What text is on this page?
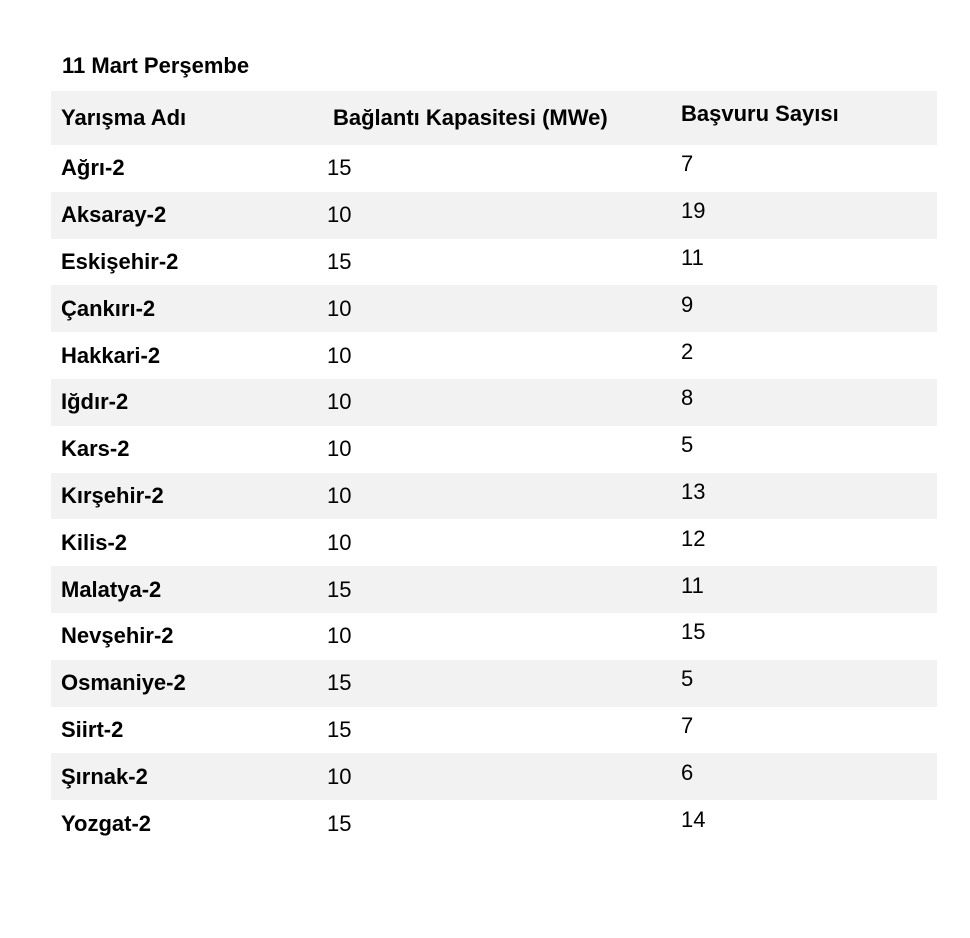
11 Mart Perşembe
Yarışma Adı	Bağlantı Kapasitesi (MWe)	Başvuru Sayısı
Ağrı-2	15	7
Aksaray-2	10	19
Eskişehir-2	15	11
Çankırı-2	10	9
Hakkari-2	10	2
Iğdır-2	10	8
Kars-2	10	5
Kırşehir-2	10	13
Kilis-2	10	12
Malatya-2	15	11
Nevşehir-2	10	15
Osmaniye-2	15	5
Siirt-2	15	7
Şırnak-2	10	6
Yozgat-2	15	14
